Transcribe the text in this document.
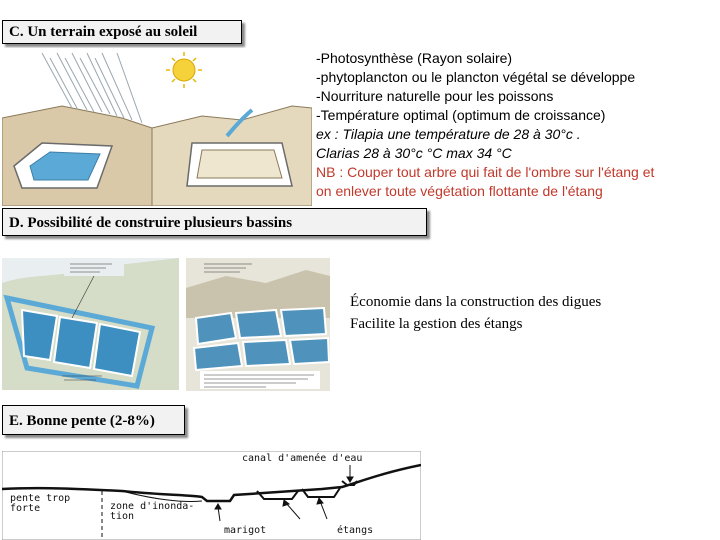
C. Un terrain exposé au soleil
-Photosynthèse (Rayon solaire)
-phytoplancton ou le plancton végétal se développe
-Nourriture naturelle pour les poissons
-Température optimal (optimum de croissance)
ex : Tilapia une température de 28 à 30°c .
Clarias 28 à 30°c °C max 34 °C
NB : Couper tout arbre qui fait de l'ombre sur l'étang et
on enlever toute végétation flottante de l'étang
D. Possibilité de construire plusieurs bassins
Économie dans la construction des digues
Facilite la gestion des étangs
E. Bonne pente (2-8%)
canal d'amenée d'eau
pente trop
forte	zone d'inonda-
tion
marigot	étangs
